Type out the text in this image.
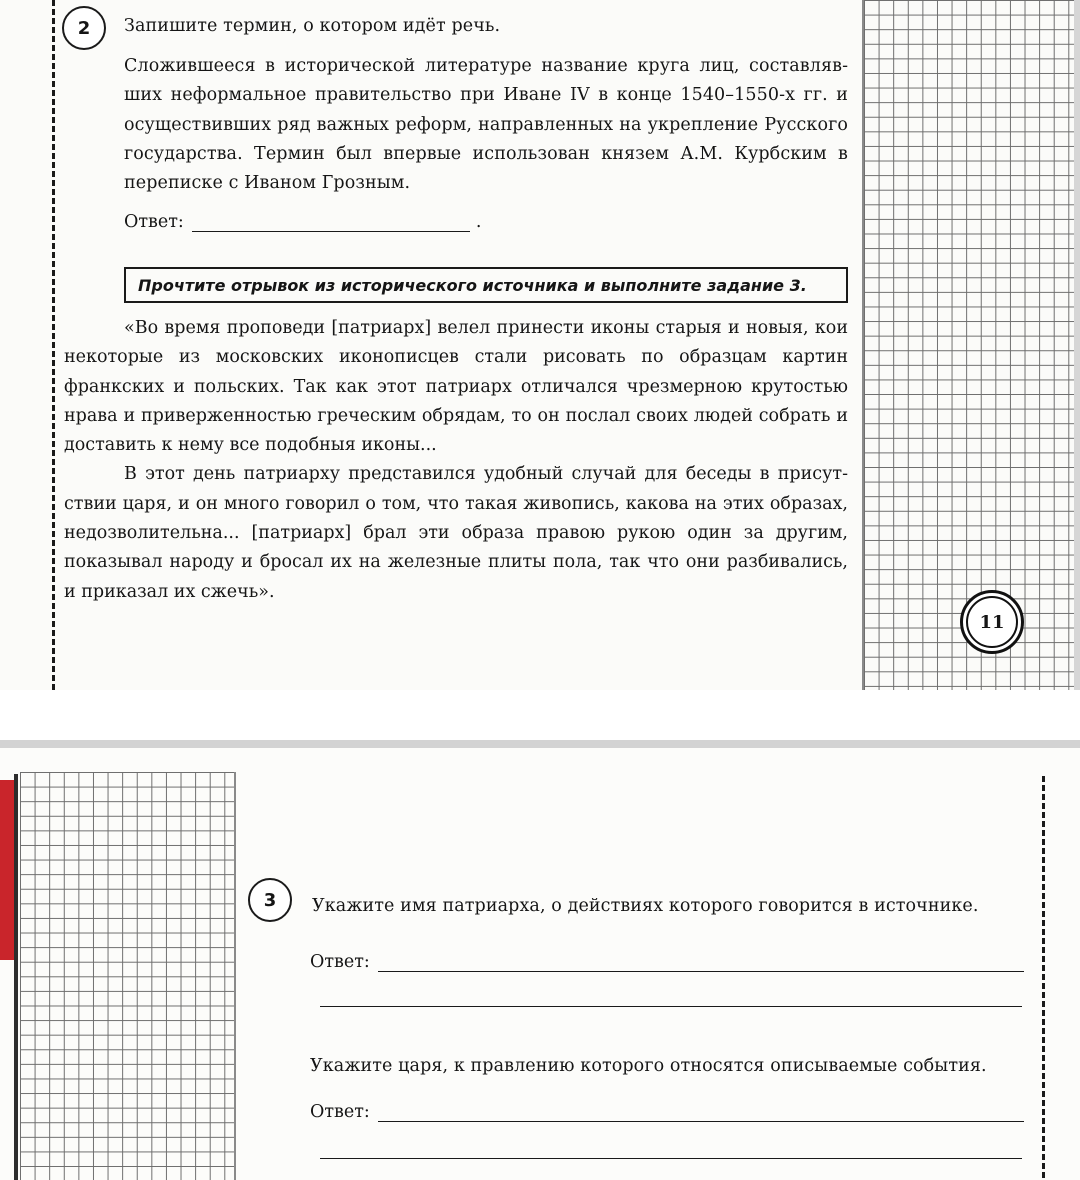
2 Запишите термин, о котором идёт речь.
Сложившееся в исторической литературе название круга лиц, составлявших неформальное правительство при Иване IV в конце 1540–1550-х гг. и осуществивших ряд важных реформ, направленных на укрепление Русского государства. Термин был впервые использован князем А.М. Курбским в переписке с Иваном Грозным.
Ответ:	.
Прочтите отрывок из исторического источника и выполните задание 3.

«Во время проповеди [патриарх] велел принести иконы старыя и новыя, кои некоторые из московских иконописцев стали рисовать по образцам картин франкских и польских. Так как этот патриарх отличался чрезмерною крутостью нрава и приверженностью греческим обрядам, то он послал своих людей собрать и доставить к нему все подобныя иконы...

В этот день патриарху представился удобный случай для беседы в присутствии царя, и он много говорил о том, что такая живопись, какова на этих образах, недозволительна... [патриарх] брал эти образа правою рукою один за другим, показывал народу и бросал их на железные плиты пола, так что они разбивались, и приказал их сжечь».

11
3 Укажите имя патриарха, о действиях которого говорится в источнике.
Ответ:
Укажите царя, к правлению которого относятся описываемые события.
Ответ:
